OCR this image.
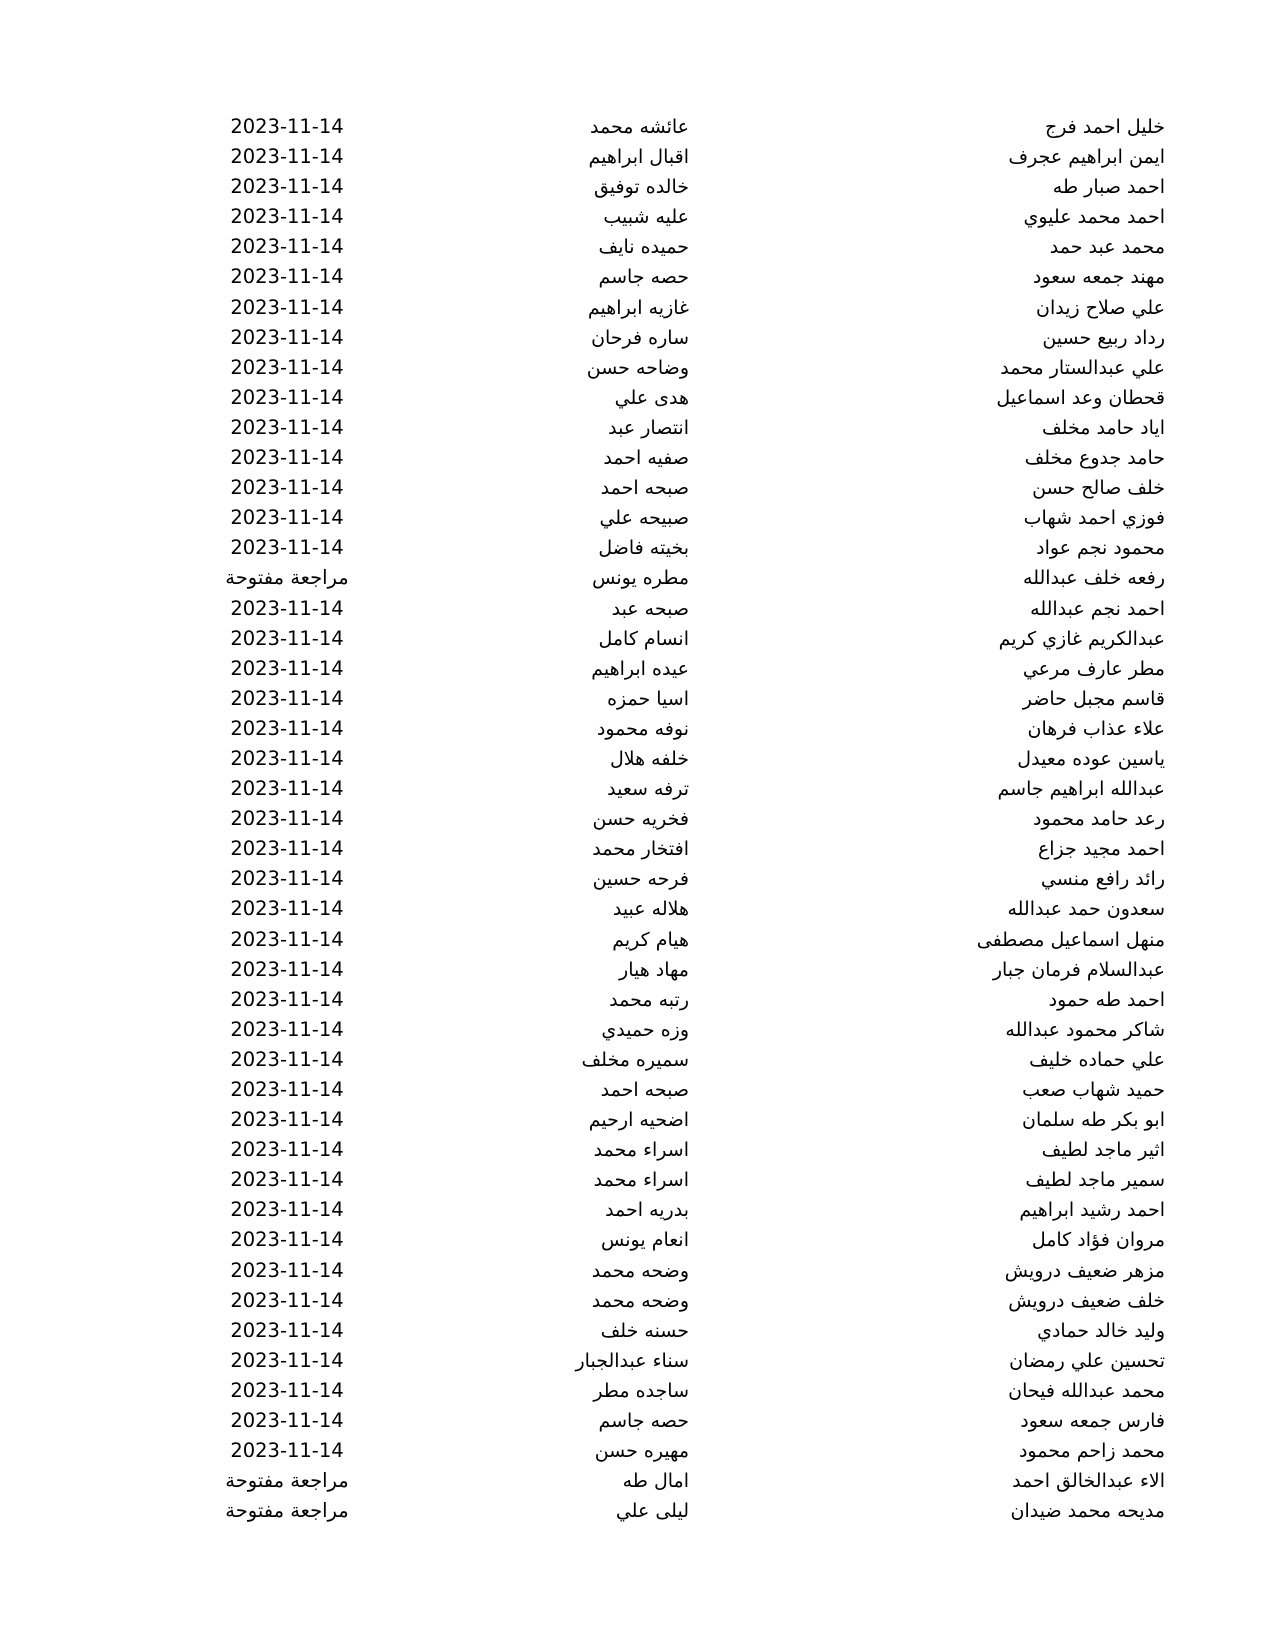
خليل احمد فرج
عائشه محمد
2023-11-14
ايمن ابراهيم عجرف
اقبال ابراهيم
2023-11-14
احمد صبار طه
خالده توفيق
2023-11-14
احمد محمد عليوي
عليه شبيب
2023-11-14
محمد عبد حمد
حميده نايف
2023-11-14
مهند جمعه سعود
حصه جاسم
2023-11-14
علي صلاح زيدان
غازيه ابراهيم
2023-11-14
رداد ربيع حسين
ساره فرحان
2023-11-14
علي عبدالستار محمد
وضاحه حسن
2023-11-14
قحطان وعد اسماعيل
هدى علي
2023-11-14
اياد حامد مخلف
انتصار عبد
2023-11-14
حامد جدوع مخلف
صفيه احمد
2023-11-14
خلف صالح حسن
صبحه احمد
2023-11-14
فوزي احمد شهاب
صبيحه علي
2023-11-14
محمود نجم عواد
بخيته فاضل
2023-11-14
رفعه خلف عبدالله
مطره يونس
مراجعة مفتوحة
احمد نجم عبدالله
صبحه عبد
2023-11-14
عبدالكريم غازي كريم
انسام كامل
2023-11-14
مطر عارف مرعي
عيده ابراهيم
2023-11-14
قاسم مجبل حاضر
اسيا حمزه
2023-11-14
علاء عذاب فرهان
نوفه محمود
2023-11-14
ياسين عوده معيدل
خلفه هلال
2023-11-14
عبدالله ابراهيم جاسم
ترفه سعيد
2023-11-14
رعد حامد محمود
فخريه حسن
2023-11-14
احمد مجيد جزاع
افتخار محمد
2023-11-14
رائد رافع منسي
فرحه حسين
2023-11-14
سعدون حمد عبدالله
هلاله عبيد
2023-11-14
منهل اسماعيل مصطفى
هيام كريم
2023-11-14
عبدالسلام فرمان جبار
مهاد هيار
2023-11-14
احمد طه حمود
رتبه محمد
2023-11-14
شاكر محمود عبدالله
وزه حميدي
2023-11-14
علي حماده خليف
سميره مخلف
2023-11-14
حميد شهاب صعب
صبحه احمد
2023-11-14
ابو بكر طه سلمان
اضحيه ارحيم
2023-11-14
اثير ماجد لطيف
اسراء محمد
2023-11-14
سمير ماجد لطيف
اسراء محمد
2023-11-14
احمد رشيد ابراهيم
بدريه احمد
2023-11-14
مروان فؤاد كامل
انعام يونس
2023-11-14
مزهر ضعيف درويش
وضحه محمد
2023-11-14
خلف ضعيف درويش
وضحه محمد
2023-11-14
وليد خالد حمادي
حسنه خلف
2023-11-14
تحسين علي رمضان
سناء عبدالجبار
2023-11-14
محمد عبدالله فيحان
ساجده مطر
2023-11-14
فارس جمعه سعود
حصه جاسم
2023-11-14
محمد زاحم محمود
مهيره حسن
2023-11-14
الاء عبدالخالق احمد
امال طه
مراجعة مفتوحة
مديحه محمد ضيدان
ليلى علي
مراجعة مفتوحة
